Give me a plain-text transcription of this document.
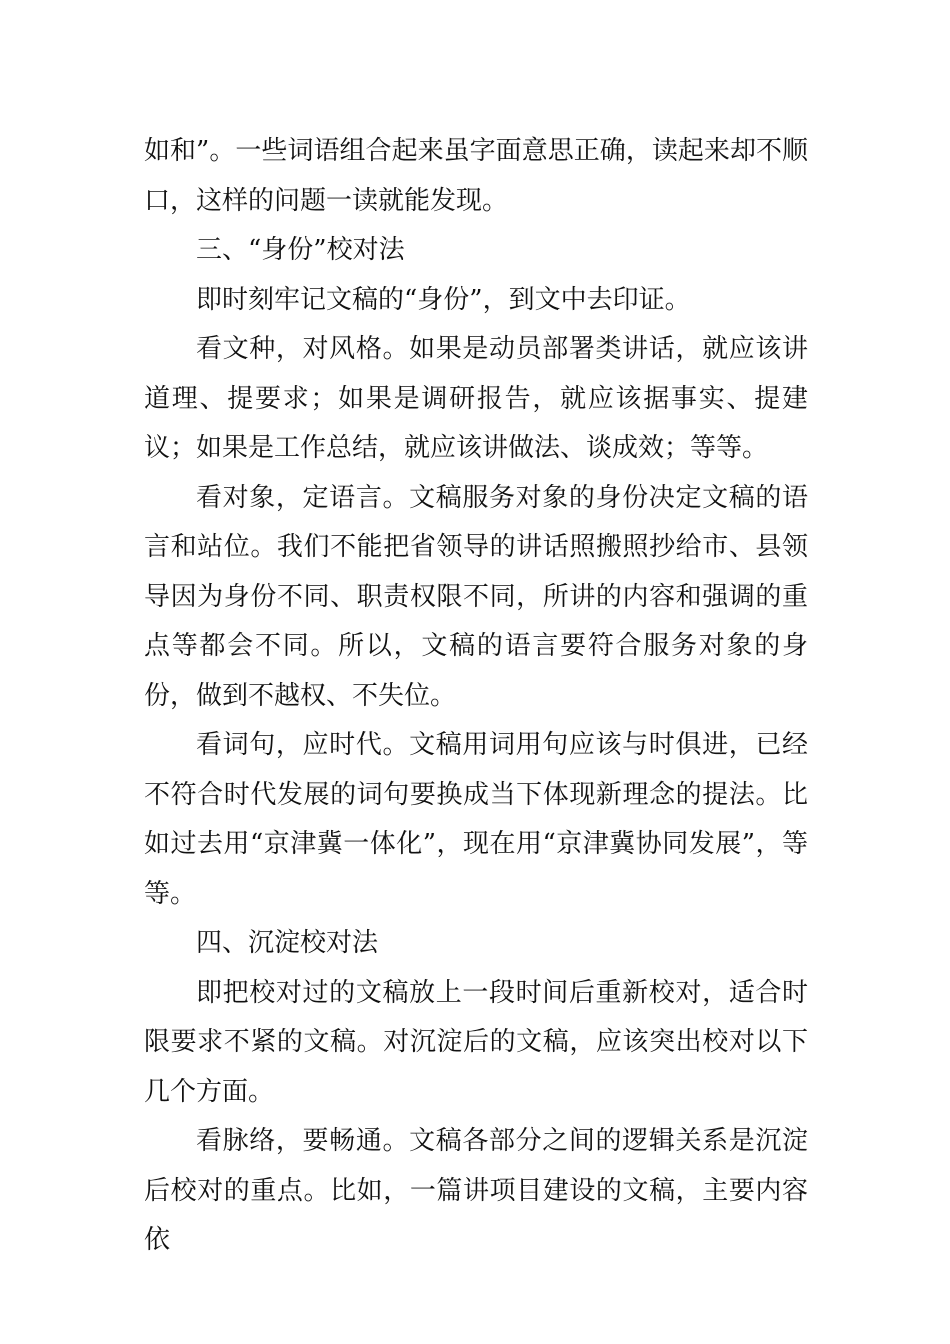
如和”。一些词语组合起来虽字面意思正确，读起来却不顺口，这样的问题一读就能发现。

三、“身份”校对法

即时刻牢记文稿的“身份”，到文中去印证。

看文种，对风格。如果是动员部署类讲话，就应该讲道理、提要求；如果是调研报告，就应该据事实、提建议；如果是工作总结，就应该讲做法、谈成效；等等。

看对象，定语言。文稿服务对象的身份决定文稿的语言和站位。我们不能把省领导的讲话照搬照抄给市、县领导因为身份不同、职责权限不同，所讲的内容和强调的重点等都会不同。所以，文稿的语言要符合服务对象的身份，做到不越权、不失位。

看词句，应时代。文稿用词用句应该与时俱进，已经不符合时代发展的词句要换成当下体现新理念的提法。比如过去用“京津冀一体化”，现在用“京津冀协同发展”，等等。

四、沉淀校对法

即把校对过的文稿放上一段时间后重新校对，适合时限要求不紧的文稿。对沉淀后的文稿，应该突出校对以下几个方面。

看脉络，要畅通。文稿各部分之间的逻辑关系是沉淀后校对的重点。比如，一篇讲项目建设的文稿，主要内容依
